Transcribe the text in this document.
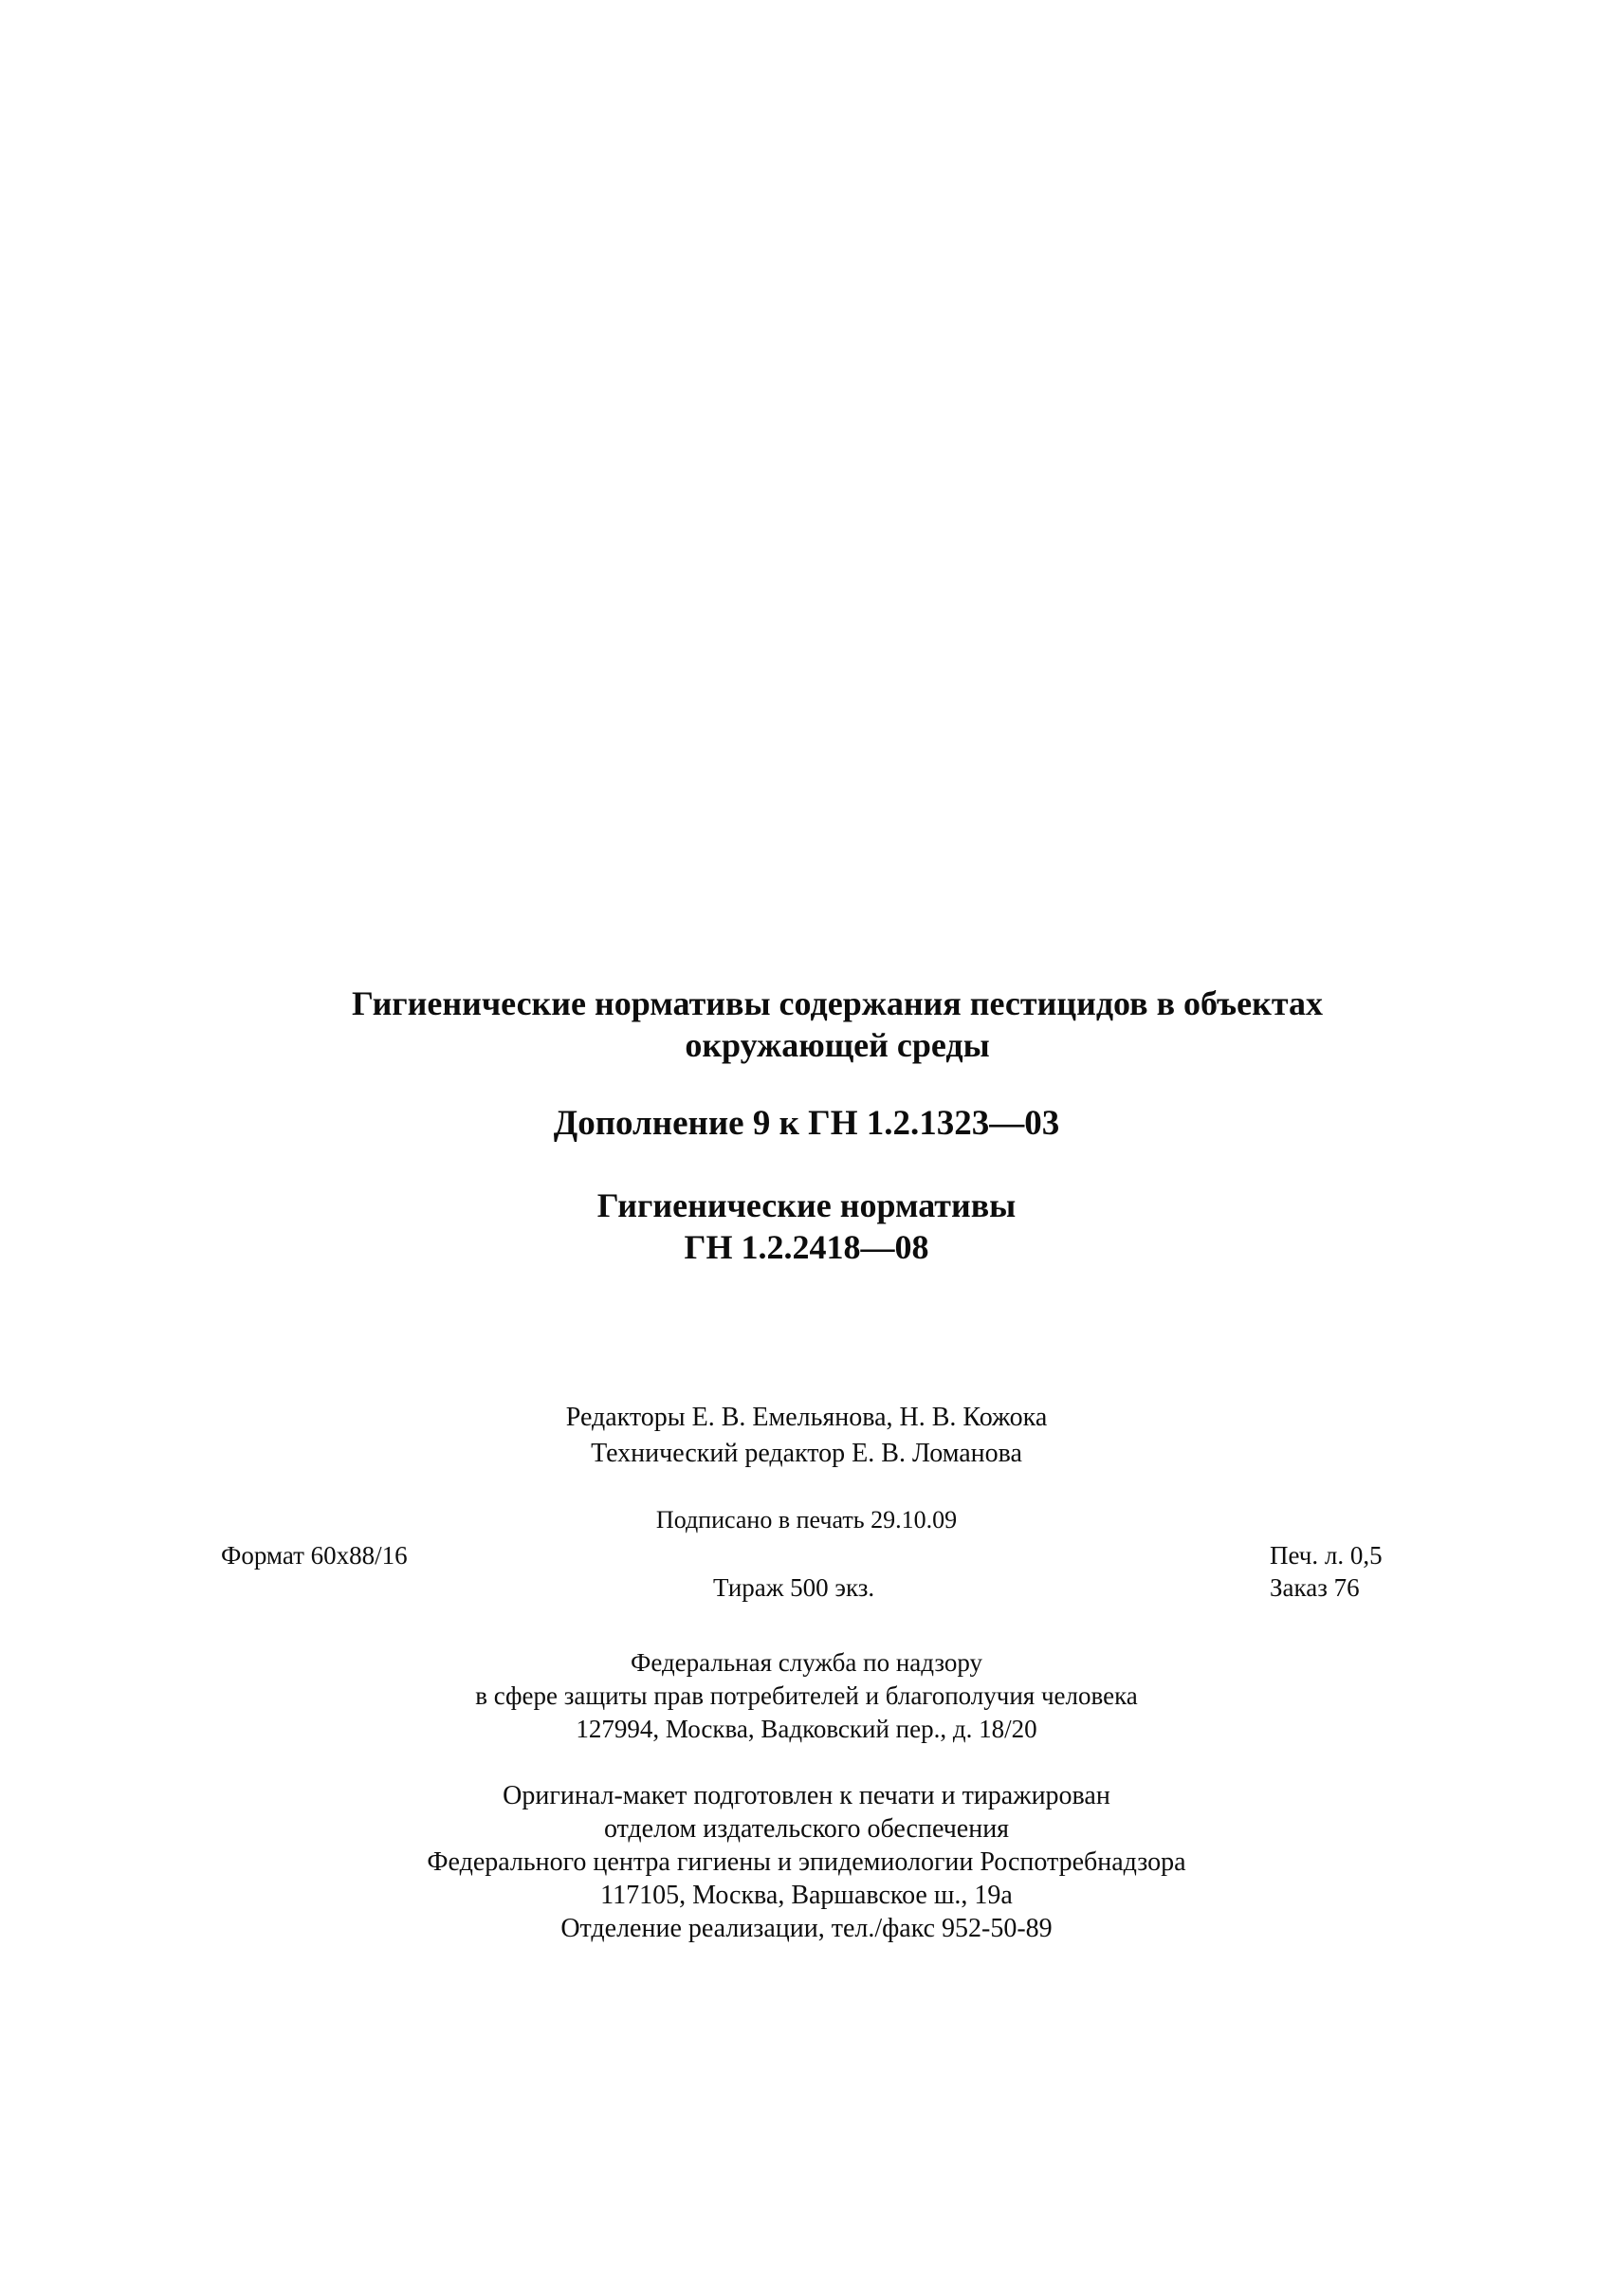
Гигиенические нормативы содержания пестицидов в объектах
окружающей среды
Дополнение 9 к ГН 1.2.1323—03
Гигиенические нормативы
ГН 1.2.2418—08
Редакторы Е. В. Емельянова, Н. В. Кожока
Технический редактор Е. В. Ломанова
Подписано в печать 29.10.09
Формат 60x88/16	Печ. л. 0,5
Тираж 500 экз.	Заказ 76
Федеральная служба по надзору
в сфере защиты прав потребителей и благополучия человека
127994, Москва, Вадковский пер., д. 18/20
Оригинал-макет подготовлен к печати и тиражирован
отделом издательского обеспечения
Федерального центра гигиены и эпидемиологии Роспотребнадзора
117105, Москва, Варшавское ш., 19а
Отделение реализации, тел./факс 952-50-89
